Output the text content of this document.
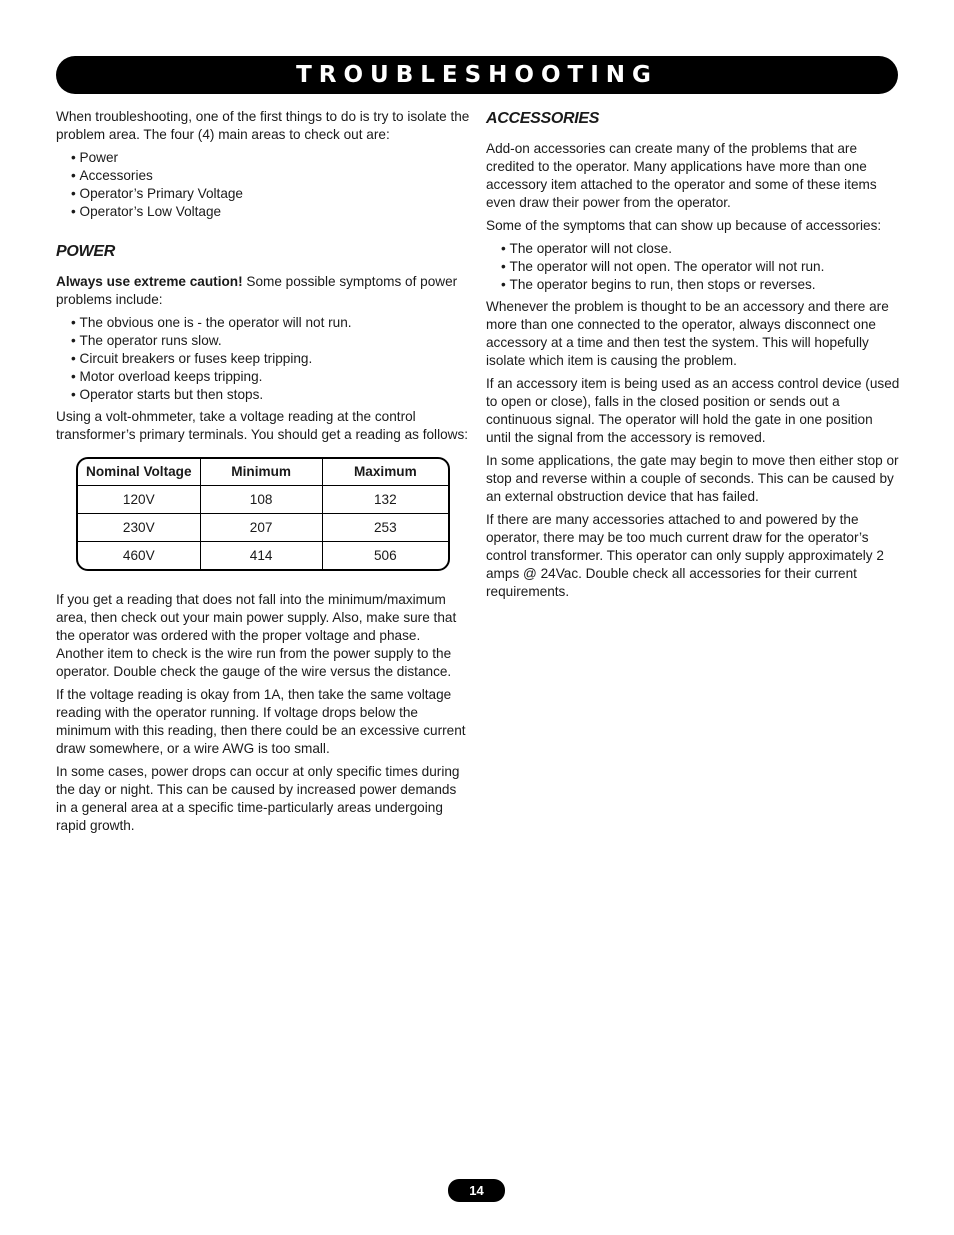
TROUBLESHOOTING

When troubleshooting, one of the first things to do is try to isolate the problem area. The four (4) main areas to check out are:

• Power
• Accessories
• Operator’s Primary Voltage
• Operator’s Low Voltage
POWER

Always use extreme caution! Some possible symptoms of power problems include:

• The obvious one is - the operator will not run.
• The operator runs slow.
• Circuit breakers or fuses keep tripping.
• Motor overload keeps tripping.
• Operator starts but then stops.

Using a volt-ohmmeter, take a voltage reading at the control transformer’s primary terminals. You should get a reading as follows:

Nominal Voltage	Minimum	Maximum
120V	108	132
230V	207	253
460V	414	506

If you get a reading that does not fall into the minimum/maximum area, then check out your main power supply. Also, make sure that the operator was ordered with the proper voltage and phase. Another item to check is the wire run from the power supply to the operator. Double check the gauge of the wire versus the distance.

If the voltage reading is okay from 1A, then take the same voltage reading with the operator running. If voltage drops below the minimum with this reading, then there could be an excessive current draw somewhere, or a wire AWG is too small.

In some cases, power drops can occur at only specific times during the day or night. This can be caused by increased power demands in a general area at a specific time-particularly areas undergoing rapid growth.

ACCESSORIES

Add-on accessories can create many of the problems that are credited to the operator. Many applications have more than one accessory item attached to the operator and some of these items even draw their power from the operator.

Some of the symptoms that can show up because of accessories:

• The operator will not close.
• The operator will not open. The operator will not run.
• The operator begins to run, then stops or reverses.

Whenever the problem is thought to be an accessory and there are more than one connected to the operator, always disconnect one accessory at a time and then test the system. This will hopefully isolate which item is causing the problem.

If an accessory item is being used as an access control device (used to open or close), falls in the closed position or sends out a continuous signal. The operator will hold the gate in one position until the signal from the accessory is removed.

In some applications, the gate may begin to move then either stop or stop and reverse within a couple of seconds. This can be caused by an external obstruction device that has failed.

If there are many accessories attached to and powered by the operator, there may be too much current draw for the operator’s control transformer. This operator can only supply approximately 2 amps @ 24Vac. Double check all accessories for their current requirements.

14
